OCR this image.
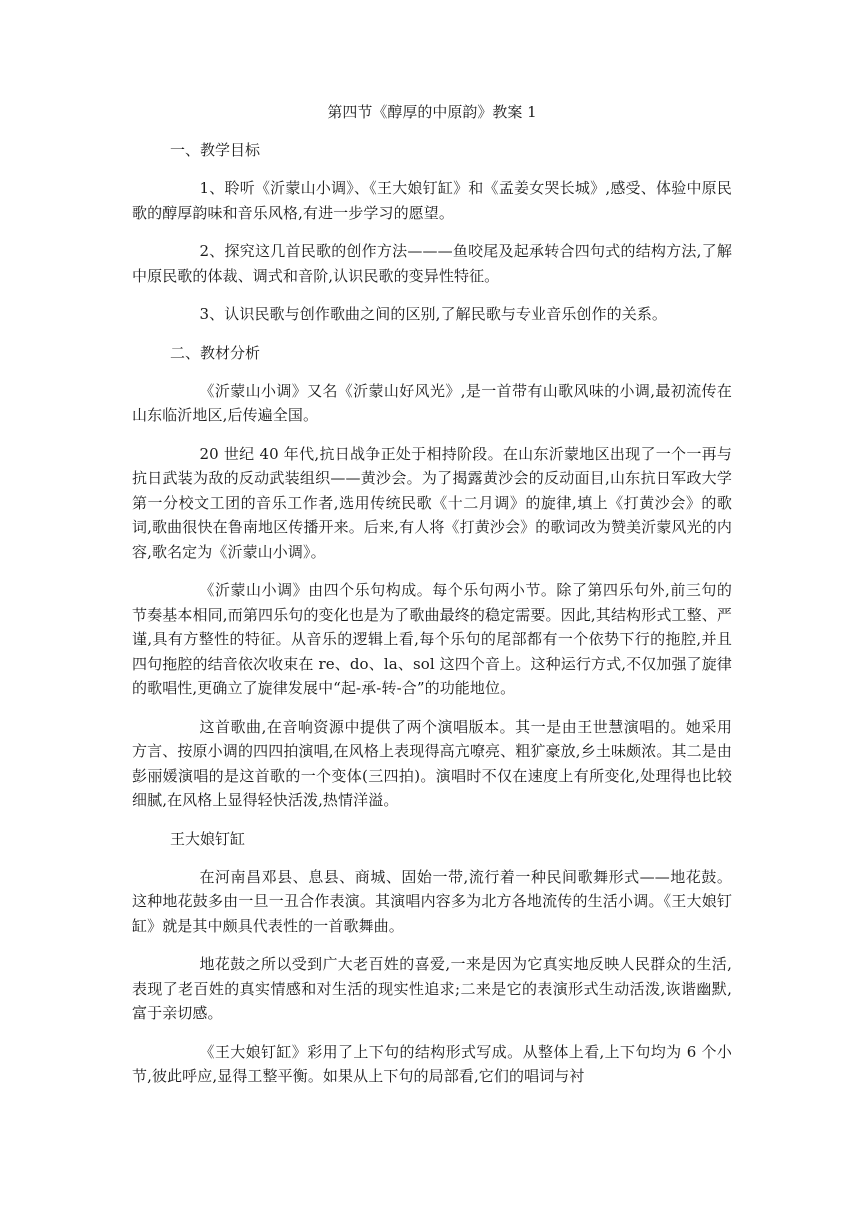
第四节《醇厚的中原韵》教案 1
一、教学目标
1、聆听《沂蒙山小调》、《王大娘钉缸》和《孟姜女哭长城》,感受、体验中原民歌的醇厚韵味和音乐风格,有进一步学习的愿望。
2、探究这几首民歌的创作方法———鱼咬尾及起承转合四句式的结构方法,了解中原民歌的体裁、调式和音阶,认识民歌的变异性特征。
3、认识民歌与创作歌曲之间的区别,了解民歌与专业音乐创作的关系。
二、教材分析
《沂蒙山小调》又名《沂蒙山好风光》,是一首带有山歌风味的小调,最初流传在山东临沂地区,后传遍全国。
20 世纪 40 年代,抗日战争正处于相持阶段。在山东沂蒙地区出现了一个一再与抗日武装为敌的反动武装组织——黄沙会。为了揭露黄沙会的反动面目,山东抗日军政大学第一分校文工团的音乐工作者,选用传统民歌《十二月调》的旋律,填上《打黄沙会》的歌词,歌曲很快在鲁南地区传播开来。后来,有人将《打黄沙会》的歌词改为赞美沂蒙风光的内容,歌名定为《沂蒙山小调》。
《沂蒙山小调》由四个乐句构成。每个乐句两小节。除了第四乐句外,前三句的节奏基本相同,而第四乐句的变化也是为了歌曲最终的稳定需要。因此,其结构形式工整、严谨,具有方整性的特征。从音乐的逻辑上看,每个乐句的尾部都有一个依势下行的拖腔,并且四句拖腔的结音依次收束在 re、do、la、sol 这四个音上。这种运行方式,不仅加强了旋律的歌唱性,更确立了旋律发展中“起-承-转-合”的功能地位。
这首歌曲,在音响资源中提供了两个演唱版本。其一是由王世慧演唱的。她采用方言、按原小调的四四拍演唱,在风格上表现得高亢嘹亮、粗犷豪放,乡土味颇浓。其二是由彭丽媛演唱的是这首歌的一个变体(三四拍)。演唱时不仅在速度上有所变化,处理得也比较细腻,在风格上显得轻快活泼,热情洋溢。
王大娘钉缸
在河南昌邓县、息县、商城、固始一带,流行着一种民间歌舞形式——地花鼓。这种地花鼓多由一旦一丑合作表演。其演唱内容多为北方各地流传的生活小调。《王大娘钉缸》就是其中颇具代表性的一首歌舞曲。
地花鼓之所以受到广大老百姓的喜爱,一来是因为它真实地反映人民群众的生活,表现了老百姓的真实情感和对生活的现实性追求;二来是它的表演形式生动活泼,诙谐幽默,富于亲切感。
《王大娘钉缸》彩用了上下句的结构形式写成。从整体上看,上下句均为 6 个小节,彼此呼应,显得工整平衡。如果从上下句的局部看,它们的唱词与衬
